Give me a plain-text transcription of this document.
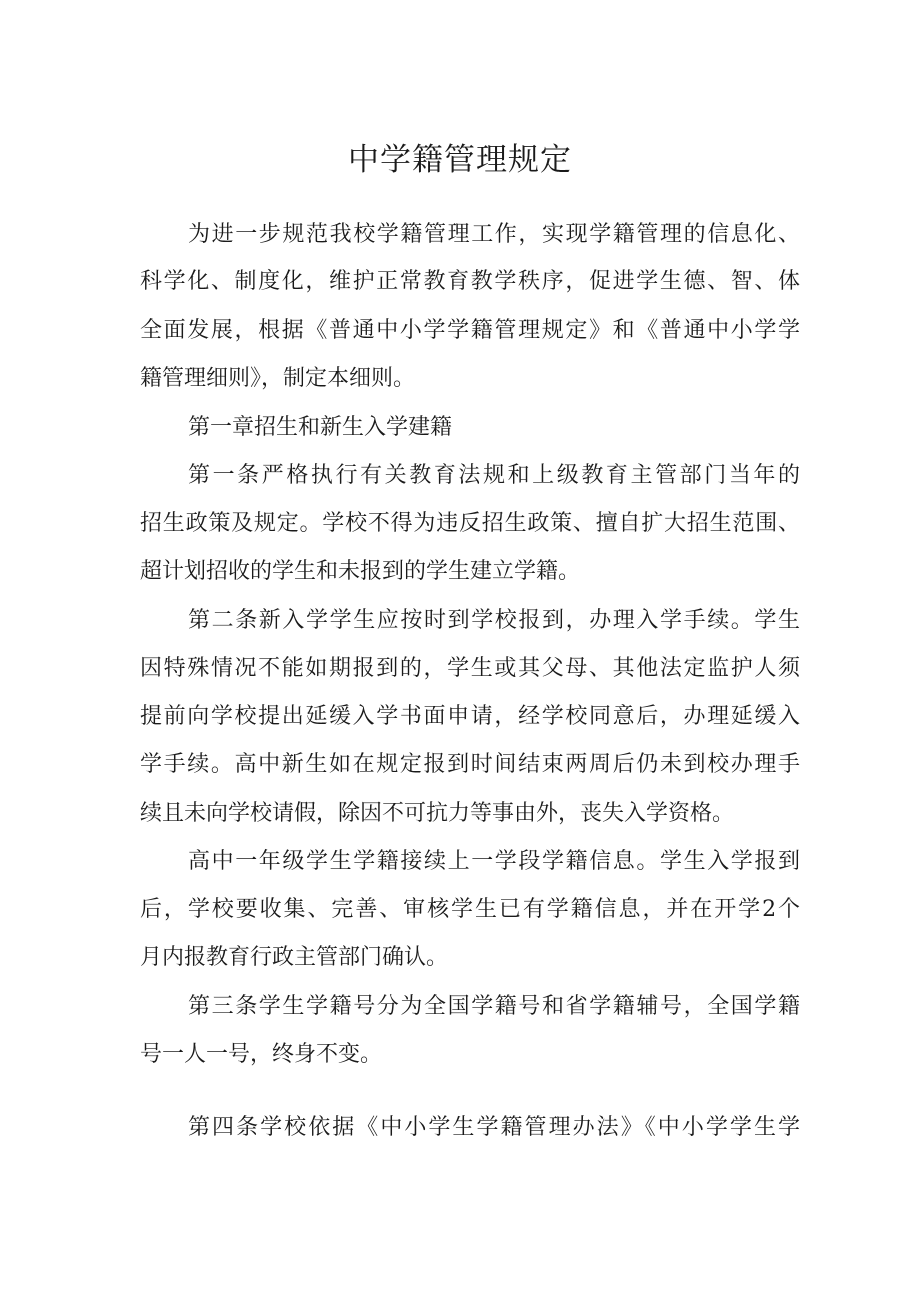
中学籍管理规定
为进一步规范我校学籍管理工作，实现学籍管理的信息化、
科学化、制度化，维护正常教育教学秩序，促进学生德、智、体
全面发展，根据《普通中小学学籍管理规定》和《普通中小学学
籍管理细则》，制定本细则。
第一章招生和新生入学建籍
第一条严格执行有关教育法规和上级教育主管部门当年的
招生政策及规定。学校不得为违反招生政策、擅自扩大招生范围、
超计划招收的学生和未报到的学生建立学籍。
第二条新入学学生应按时到学校报到，办理入学手续。学生
因特殊情况不能如期报到的，学生或其父母、其他法定监护人须
提前向学校提出延缓入学书面申请，经学校同意后，办理延缓入
学手续。高中新生如在规定报到时间结束两周后仍未到校办理手
续且未向学校请假，除因不可抗力等事由外，丧失入学资格。
高中一年级学生学籍接续上一学段学籍信息。学生入学报到
后，学校要收集、完善、审核学生已有学籍信息，并在开学2个
月内报教育行政主管部门确认。
第三条学生学籍号分为全国学籍号和省学籍辅号，全国学籍
号一人一号，终身不变。
第四条学校依据《中小学生学籍管理办法》《中小学学生学
